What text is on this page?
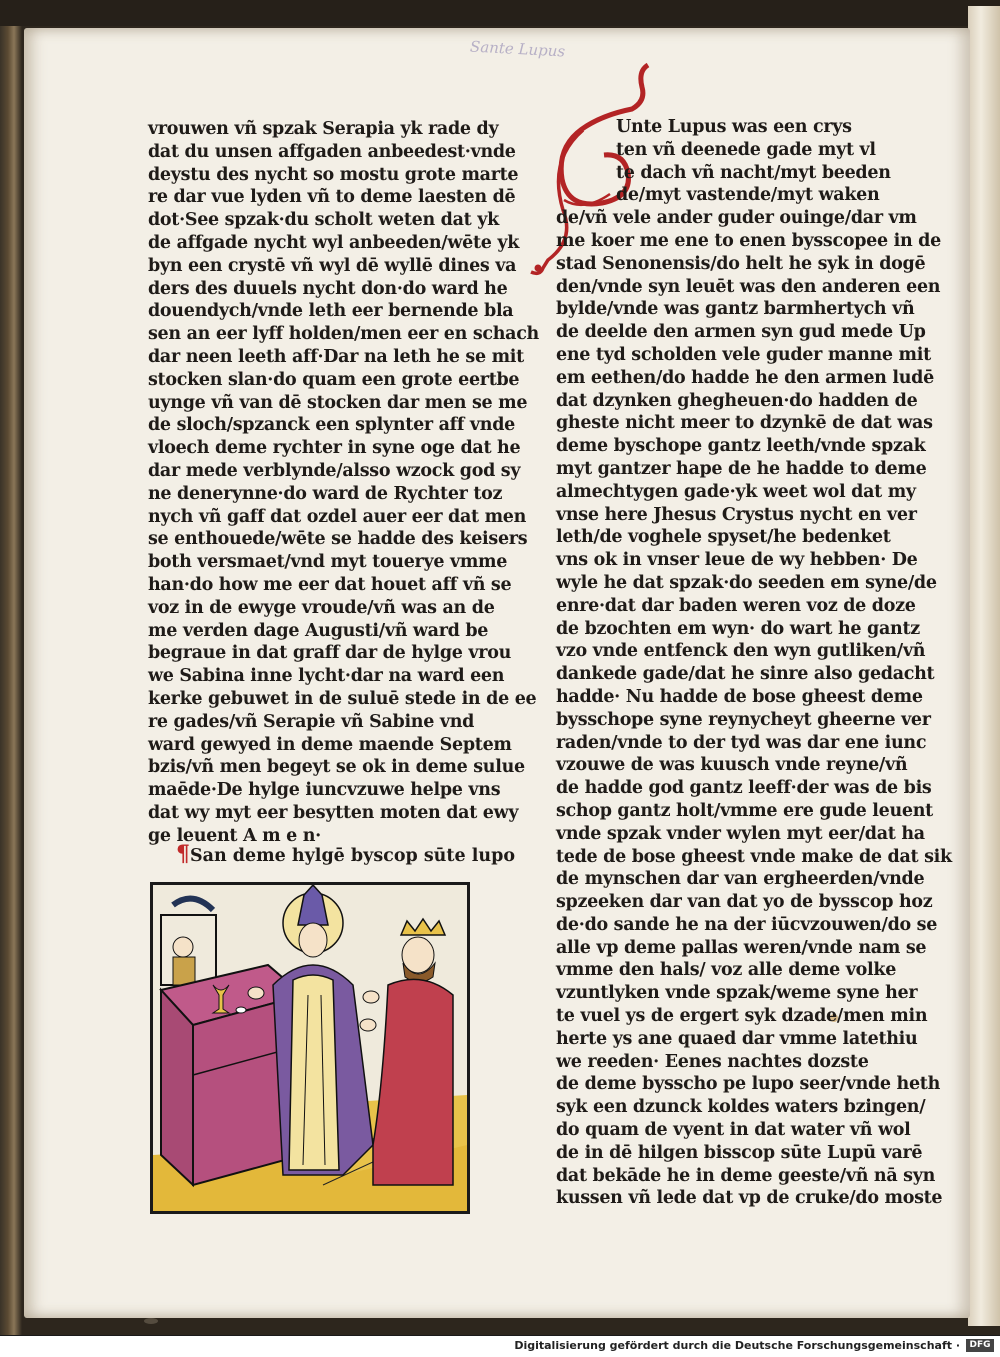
Sante Lupus
vrouwen vñ spzak Serapia yk rade dy
dat du unsen affgaden anbeedest·vnde
deystu des nycht so mostu grote marte
re dar vue lyden vñ to deme laesten dē
dot·See spzak·du scholt weten dat yk
de affgade nycht wyl anbeeden/wēte yk
byn een crystē vñ wyl dē wyllē dines va
ders des duuels nycht don·do ward he
douendych/vnde leth eer bernende bla
sen an eer lyff holden/men eer en schach
dar neen leeth aff·Dar na leth he se mit
stocken slan·do quam een grote eertbe
uynge vñ van dē stocken dar men se me
de sloch/spzanck een splynter aff vnde
vloech deme rychter in syne oge dat he
dar mede verblynde/alsso wzock god sy
ne denerynne·do ward de Rychter toz
nych vñ gaff dat ozdel auer eer dat men
se enthouede/wēte se hadde des keisers
both versmaet/vnd myt touerye vmme
han·do how me eer dat houet aff vñ se
voz in de ewyge vroude/vñ was an de
me verden dage Augusti/vñ ward be
begraue in dat graff dar de hylge vrou
we Sabina inne lycht·dar na ward een
kerke gebuwet in de suluē stede in de ee
re gades/vñ Serapie vñ Sabine vnd
ward gewyed in deme maende Septem
bzis/vñ men begeyt se ok in deme sulue
maēde·De hylge iuncvzuwe helpe vns
dat wy myt eer besytten moten dat ewy
ge leuent A m e n·
¶San deme hylgē byscop sūte lupo
Unte Lupus was een crys
ten vñ deenede gade myt vl
te dach vñ nacht/myt beeden
de/myt vastende/myt waken
de/vñ vele ander guder ouinge/dar vm
me koer me ene to enen bysscopee in de
stad Senonensis/do helt he syk in dogē
den/vnde syn leuēt was den anderen een
bylde/vnde was gantz barmhertych vñ
de deelde den armen syn gud mede Up
ene tyd scholden vele guder manne mit
em eethen/do hadde he den armen ludē
dat dzynken ghegheuen·do hadden de
gheste nicht meer to dzynkē de dat was
deme byschope gantz leeth/vnde spzak
myt gantzer hape de he hadde to deme
almechtygen gade·yk weet wol dat my
vnse here Jhesus Crystus nycht en ver
leth/de voghele spyset/he bedenket
vns ok in vnser leue de wy hebben· De
wyle he dat spzak·do seeden em syne/de
enre·dat dar baden weren voz de doze
de bzochten em wyn· do wart he gantz
vzo vnde entfenck den wyn gutliken/vñ
dankede gade/dat he sinre also gedacht
hadde· Nu hadde de bose gheest deme
bysschope syne reynycheyt gheerne ver
raden/vnde to der tyd was dar ene iunc
vzouwe de was kuusch vnde reyne/vñ
de hadde god gantz leeff·der was de bis
schop gantz holt/vmme ere gude leuent
vnde spzak vnder wylen myt eer/dat ha
tede de bose gheest vnde make de dat sik
de mynschen dar van ergheerden/vnde
spzeeken dar van dat yo de bysscop hoz
de·do sande he na der iūcvzouwen/do se
alle vp deme pallas weren/vnde nam se
vmme den hals/ voz alle deme volke
vzuntlyken vnde spzak/weme syne her
te vuel ys de ergert syk dzade/men min
herte ys ane quaed dar vmme latethiu
we reeden· Eenes nachtes dozste
de deme bysscho pe lupo seer/vnde heth
syk een dzunck koldes waters bzingen/
do quam de vyent in dat water vñ wol
de in dē hilgen bisscop sūte Lupū varē
dat bekāde he in deme geeste/vñ nā syn
kussen vñ lede dat vp de cruke/do moste
Digitalisierung gefördert durch die Deutsche Forschungsgemeinschaft ·	DFG
